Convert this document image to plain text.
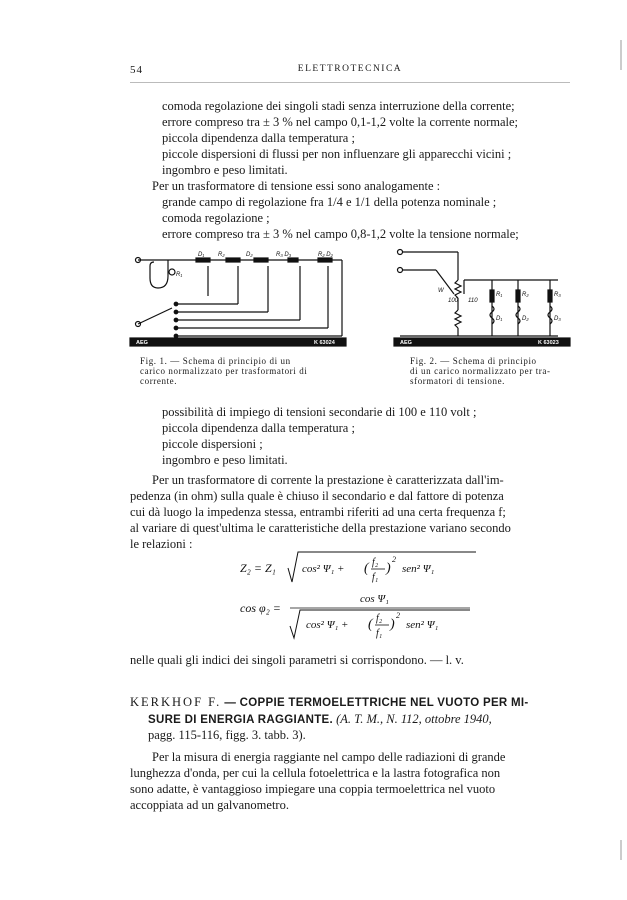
54	ELETTROTECNICA
comoda regolazione dei singoli stadi senza interruzione della corrente;
errore compreso tra ± 3 % nel campo 0,1-1,2 volte la corrente normale;
piccola dipendenza dalla temperatura ;
piccole dispersioni di flussi per non influenzare gli apparecchi vicini ;
ingombro e peso limitati.
Per un trasformatore di tensione essi sono analogamente :
grande campo di regolazione fra 1/4 e 1/1 della potenza nominale ;
comoda regolazione ;
errore compreso tra ± 3 % nel campo 0,8-1,2 volte la tensione normale;
D₁ R₂	D₂	R₃ D₃	R₂ D₂
R₁
AEG	K 63024
Fig. 1. — Schema di principio di un
carico normalizzato per trasformatori di
corrente.
W
100 110
R₁	R₂	R₃
D₁	D₂	D₃
AEG	K 63023
Fig. 2. — Schema di principio
di un carico normalizzato per tra-
sformatori di tensione.
possibilità di impiego di tensioni secondarie di 100 e 110 volt ;
piccola dipendenza dalla temperatura ;
piccole dispersioni ;
ingombro e peso limitati.
Per un trasformatore di corrente la prestazione è caratterizzata dall'im-
pedenza (in ohm) sulla quale è chiuso il secondario e dal fattore di potenza
cui dà luogo la impedenza stessa, entrambi riferiti ad una certa frequenza f;
al variare di quest'ultima le caratteristiche della prestazione variano secondo
le relazioni :
Z₂ = Z₁ cos² Ψ₁ + ( f₂
f₁
)
2
sen² Ψ₁
cos φ₂ =
cos Ψ₁
cos² Ψ₁ + ( f₂
f₁
)
2
sen² Ψ₁
nelle quali gli indici dei singoli parametri si corrispondono. — l. v.
KERKHOF F. — COPPIE TERMOELETTRICHE NEL VUOTO PER MI-
SURE DI ENERGIA RAGGIANTE. (A. T. M., N. 112, ottobre 1940,
pagg. 115-116, figg. 3. tabb. 3).
Per la misura di energia raggiante nel campo delle radiazioni di grande
lunghezza d'onda, per cui la cellula fotoelettrica e la lastra fotografica non
sono adatte, è vantaggioso impiegare una coppia termoelettrica nel vuoto
accoppiata ad un galvanometro.
